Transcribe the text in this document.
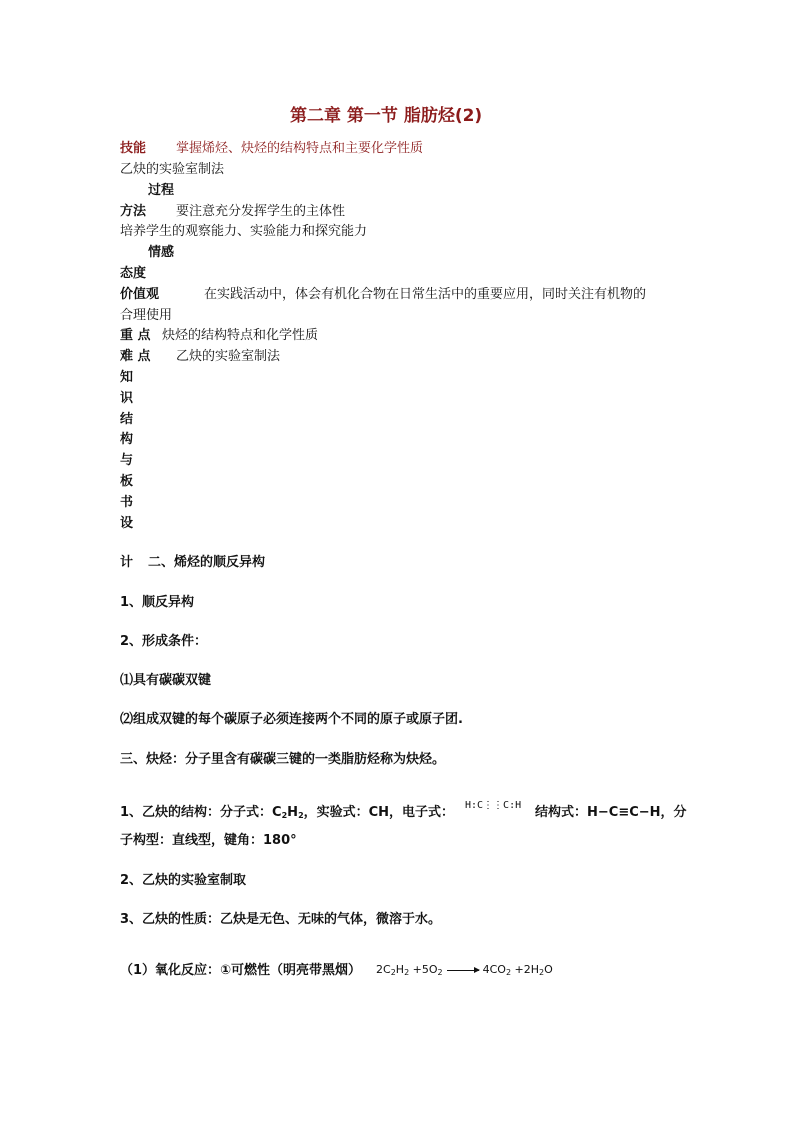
第二章 第一节 脂肪烃(2)
技能 掌握烯烃、炔烃的结构特点和主要化学性质
乙炔的实验室制法
过程
方法 要注意充分发挥学生的主体性
培养学生的观察能力、实验能力和探究能力
情感
态度
价值观	在实践活动中，体会有机化合物在日常生活中的重要应用，同时关注有机物的
合理使用
重 点 炔烃的结构特点和化学性质
难 点 乙炔的实验室制法
知
识
结
构
与
板
书
设
计 二、烯烃的顺反异构
1、顺反异构
2、形成条件：
⑴具有碳碳双键
⑵组成双键的每个碳原子必须连接两个不同的原子或原子团.
三、炔烃：分子里含有碳碳三键的一类脂肪烃称为炔烃。
1、乙炔的结构：分子式：$C_2H_2$，实验式：CH，电子式： H:C⋮⋮C:H 结构式：H−C≡C−H，分
子构型：直线型，键角：180°
2、乙炔的实验室制取
3、乙炔的性质：乙炔是无色、无味的气体，微溶于水。
（1）氧化反应：①可燃性（明亮带黑烟） $2C_2H_2 +5O_2 \to 4CO_2 +2H_2O$
